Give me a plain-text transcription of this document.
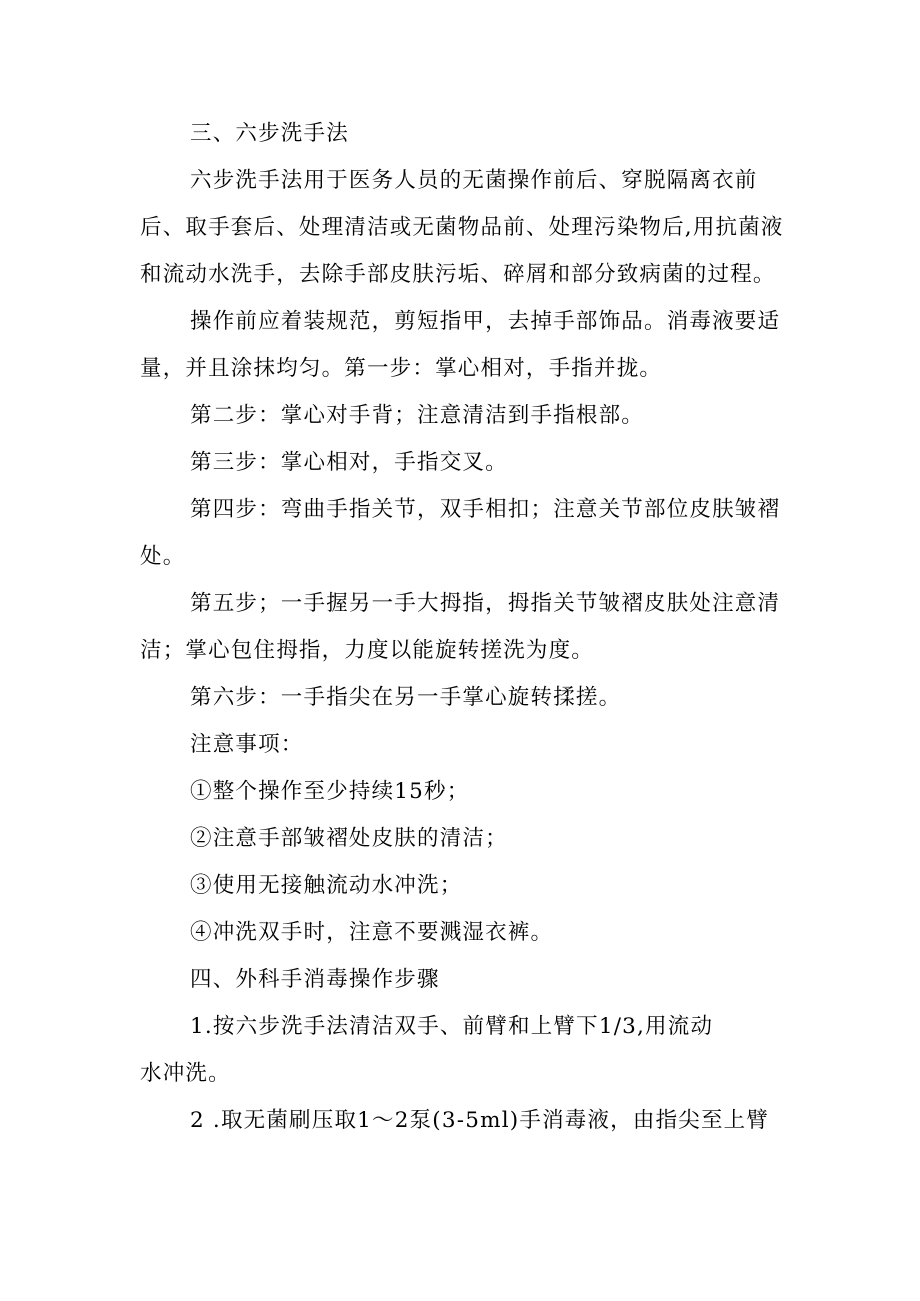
三、六步洗手法

六步洗手法用于医务人员的无菌操作前后、穿脱隔离衣前后、取手套后、处理清洁或无菌物品前、处理污染物后,用抗菌液和流动水洗手，去除手部皮肤污垢、碎屑和部分致病菌的过程。

操作前应着装规范，剪短指甲，去掉手部饰品。消毒液要适量，并且涂抹均匀。第一步：掌心相对，手指并拢。

第二步：掌心对手背；注意清洁到手指根部。

第三步：掌心相对，手指交叉。

第四步：弯曲手指关节，双手相扣；注意关节部位皮肤皱褶处。

第五步；一手握另一手大拇指，拇指关节皱褶皮肤处注意清洁；掌心包住拇指，力度以能旋转搓洗为度。

第六步：一手指尖在另一手掌心旋转揉搓。

注意事项：

①整个操作至少持续15秒；

②注意手部皱褶处皮肤的清洁；

③使用无接触流动水冲洗；

④冲洗双手时，注意不要溅湿衣裤。

四、外科手消毒操作步骤

1.按六步洗手法清洁双手、前臂和上臂下1/3,用流动

水冲洗。

2 .取无菌刷压取1～2泵(3-5ml)手消毒液，由指尖至上臂
